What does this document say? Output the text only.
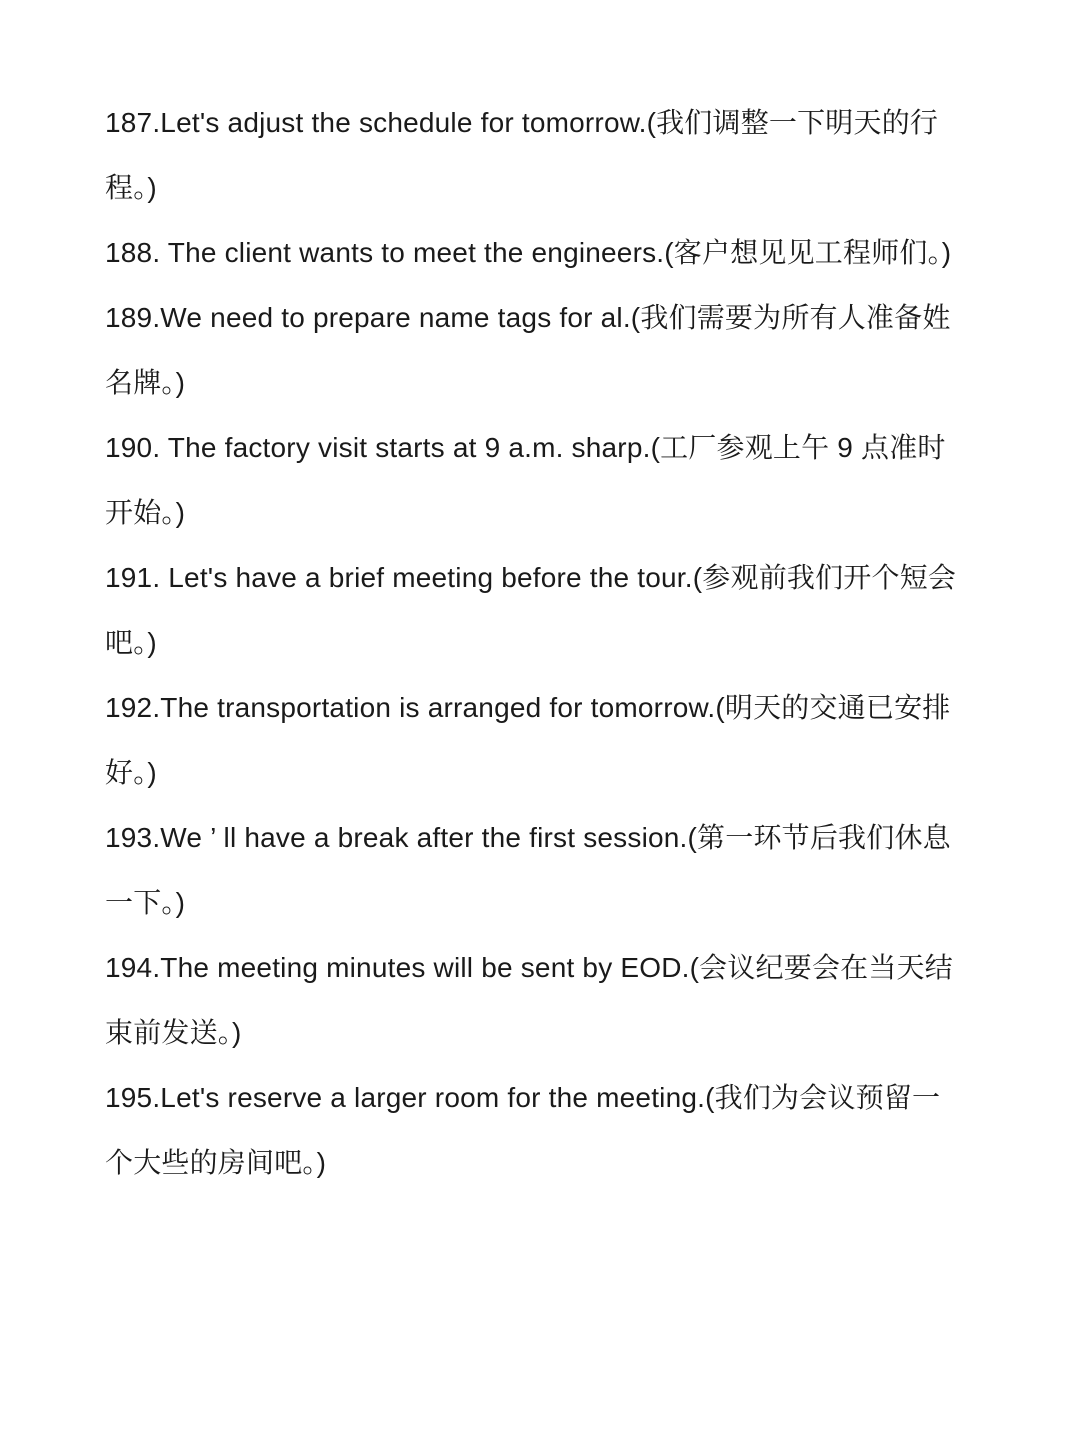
187.Let's adjust the schedule for tomorrow.(我们调整一下明天的行程。)

188. The client wants to meet the engineers.(客户想见见工程师们。)

189.We need to prepare name tags for al.(我们需要为所有人准备姓名牌。)

190. The factory visit starts at 9 a.m. sharp.(工厂参观上午 9 点准时开始。)

191. Let's have a brief meeting before the tour.(参观前我们开个短会吧。)

192.The transportation is arranged for tomorrow.(明天的交通已安排好。)

193.We ’ ll have a break after the first session.(第一环节后我们休息一下。)

194.The meeting minutes will be sent by EOD.(会议纪要会在当天结束前发送。)

195.Let's reserve a larger room for the meeting.(我们为会议预留一个大些的房间吧。)
